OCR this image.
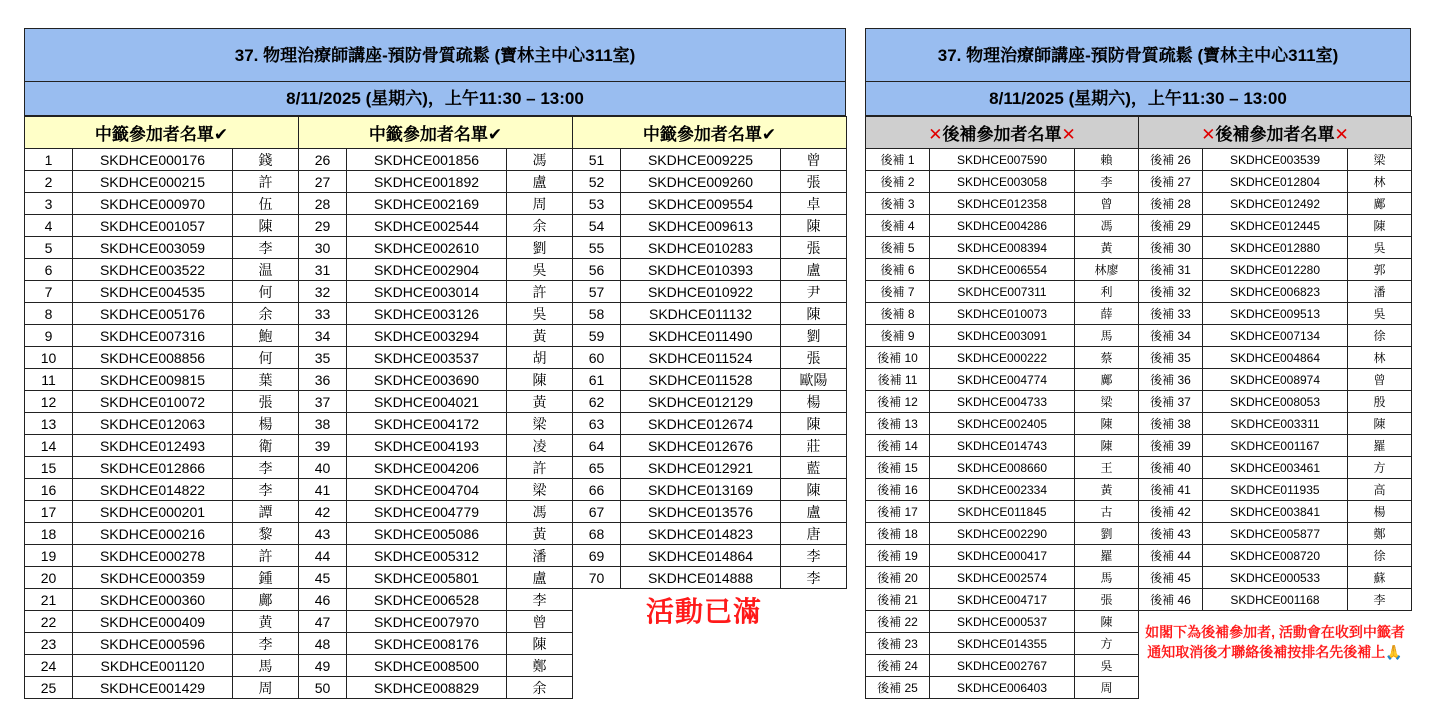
37. 物理治療師講座-預防骨質疏鬆 (寶林主中心311室)
8/11/2025 (星期六)，上午11:30 – 13:00
中籤參加者名單✔			中籤參加者名單✔			中籤參加者名單✔		
1	SKDHCE000176	錢	26	SKDHCE001856	馮	51	SKDHCE009225	曾
2	SKDHCE000215	許	27	SKDHCE001892	盧	52	SKDHCE009260	張
3	SKDHCE000970	伍	28	SKDHCE002169	周	53	SKDHCE009554	卓
4	SKDHCE001057	陳	29	SKDHCE002544	余	54	SKDHCE009613	陳
5	SKDHCE003059	李	30	SKDHCE002610	劉	55	SKDHCE010283	張
6	SKDHCE003522	温	31	SKDHCE002904	吳	56	SKDHCE010393	盧
7	SKDHCE004535	何	32	SKDHCE003014	許	57	SKDHCE010922	尹
8	SKDHCE005176	余	33	SKDHCE003126	吳	58	SKDHCE011132	陳
9	SKDHCE007316	鮑	34	SKDHCE003294	黃	59	SKDHCE011490	劉
10	SKDHCE008856	何	35	SKDHCE003537	胡	60	SKDHCE011524	張
11	SKDHCE009815	葉	36	SKDHCE003690	陳	61	SKDHCE011528	歐陽
12	SKDHCE010072	張	37	SKDHCE004021	黃	62	SKDHCE012129	楊
13	SKDHCE012063	楊	38	SKDHCE004172	梁	63	SKDHCE012674	陳
14	SKDHCE012493	衛	39	SKDHCE004193	凌	64	SKDHCE012676	莊
15	SKDHCE012866	李	40	SKDHCE004206	許	65	SKDHCE012921	藍
16	SKDHCE014822	李	41	SKDHCE004704	梁	66	SKDHCE013169	陳
17	SKDHCE000201	譚	42	SKDHCE004779	馮	67	SKDHCE013576	盧
18	SKDHCE000216	黎	43	SKDHCE005086	黃	68	SKDHCE014823	唐
19	SKDHCE000278	許	44	SKDHCE005312	潘	69	SKDHCE014864	李
20	SKDHCE000359	鍾	45	SKDHCE005801	盧	70	SKDHCE014888	李
21	SKDHCE000360	鄺	46	SKDHCE006528	李			
22	SKDHCE000409	黄	47	SKDHCE007970	曾			
23	SKDHCE000596	李	48	SKDHCE008176	陳			
24	SKDHCE001120	馬	49	SKDHCE008500	鄭			
25	SKDHCE001429	周	50	SKDHCE008829	余			
37. 物理治療師講座-預防骨質疏鬆 (寶林主中心311室)
8/11/2025 (星期六)，上午11:30 – 13:00
✕後補參加者名單✕			✕後補參加者名單✕		
後補 1	SKDHCE007590	賴	後補 26	SKDHCE003539	梁
後補 2	SKDHCE003058	李	後補 27	SKDHCE012804	林
後補 3	SKDHCE012358	曾	後補 28	SKDHCE012492	鄺
後補 4	SKDHCE004286	馮	後補 29	SKDHCE012445	陳
後補 5	SKDHCE008394	黃	後補 30	SKDHCE012880	吳
後補 6	SKDHCE006554	林廖	後補 31	SKDHCE012280	郭
後補 7	SKDHCE007311	利	後補 32	SKDHCE006823	潘
後補 8	SKDHCE010073	薛	後補 33	SKDHCE009513	吳
後補 9	SKDHCE003091	馬	後補 34	SKDHCE007134	徐
後補 10	SKDHCE000222	蔡	後補 35	SKDHCE004864	林
後補 11	SKDHCE004774	鄺	後補 36	SKDHCE008974	曾
後補 12	SKDHCE004733	梁	後補 37	SKDHCE008053	殷
後補 13	SKDHCE002405	陳	後補 38	SKDHCE003311	陳
後補 14	SKDHCE014743	陳	後補 39	SKDHCE001167	羅
後補 15	SKDHCE008660	王	後補 40	SKDHCE003461	方
後補 16	SKDHCE002334	黃	後補 41	SKDHCE011935	高
後補 17	SKDHCE011845	古	後補 42	SKDHCE003841	楊
後補 18	SKDHCE002290	劉	後補 43	SKDHCE005877	鄭
後補 19	SKDHCE000417	羅	後補 44	SKDHCE008720	徐
後補 20	SKDHCE002574	馬	後補 45	SKDHCE000533	蘇
後補 21	SKDHCE004717	張	後補 46	SKDHCE001168	李
後補 22	SKDHCE000537	陳			
後補 23	SKDHCE014355	方			
後補 24	SKDHCE002767	吳			
後補 25	SKDHCE006403	周			
活動已滿
如閣下為後補參加者, 活動會在收到中籤者通知取消後才聯絡後補按排名先後補上🙏
